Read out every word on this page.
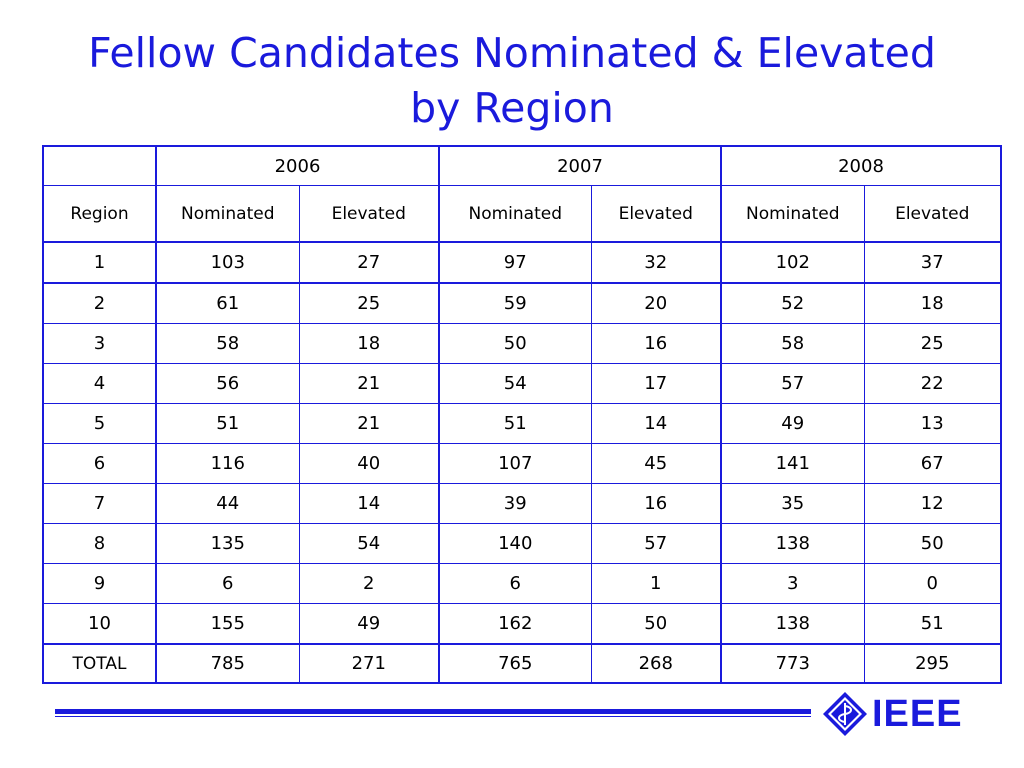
Fellow Candidates Nominated & Elevated
by Region
	2006		2007		2008	
Region	Nominated	Elevated	Nominated	Elevated	Nominated	Elevated
1	103	27	97	32	102	37
2	61	25	59	20	52	18
3	58	18	50	16	58	25
4	56	21	54	17	57	22
5	51	21	51	14	49	13
6	116	40	107	45	141	67
7	44	14	39	16	35	12
8	135	54	140	57	138	50
9	6	2	6	1	3	0
10	155	49	162	50	138	51
TOTAL	785	271	765	268	773	295
IEEE
